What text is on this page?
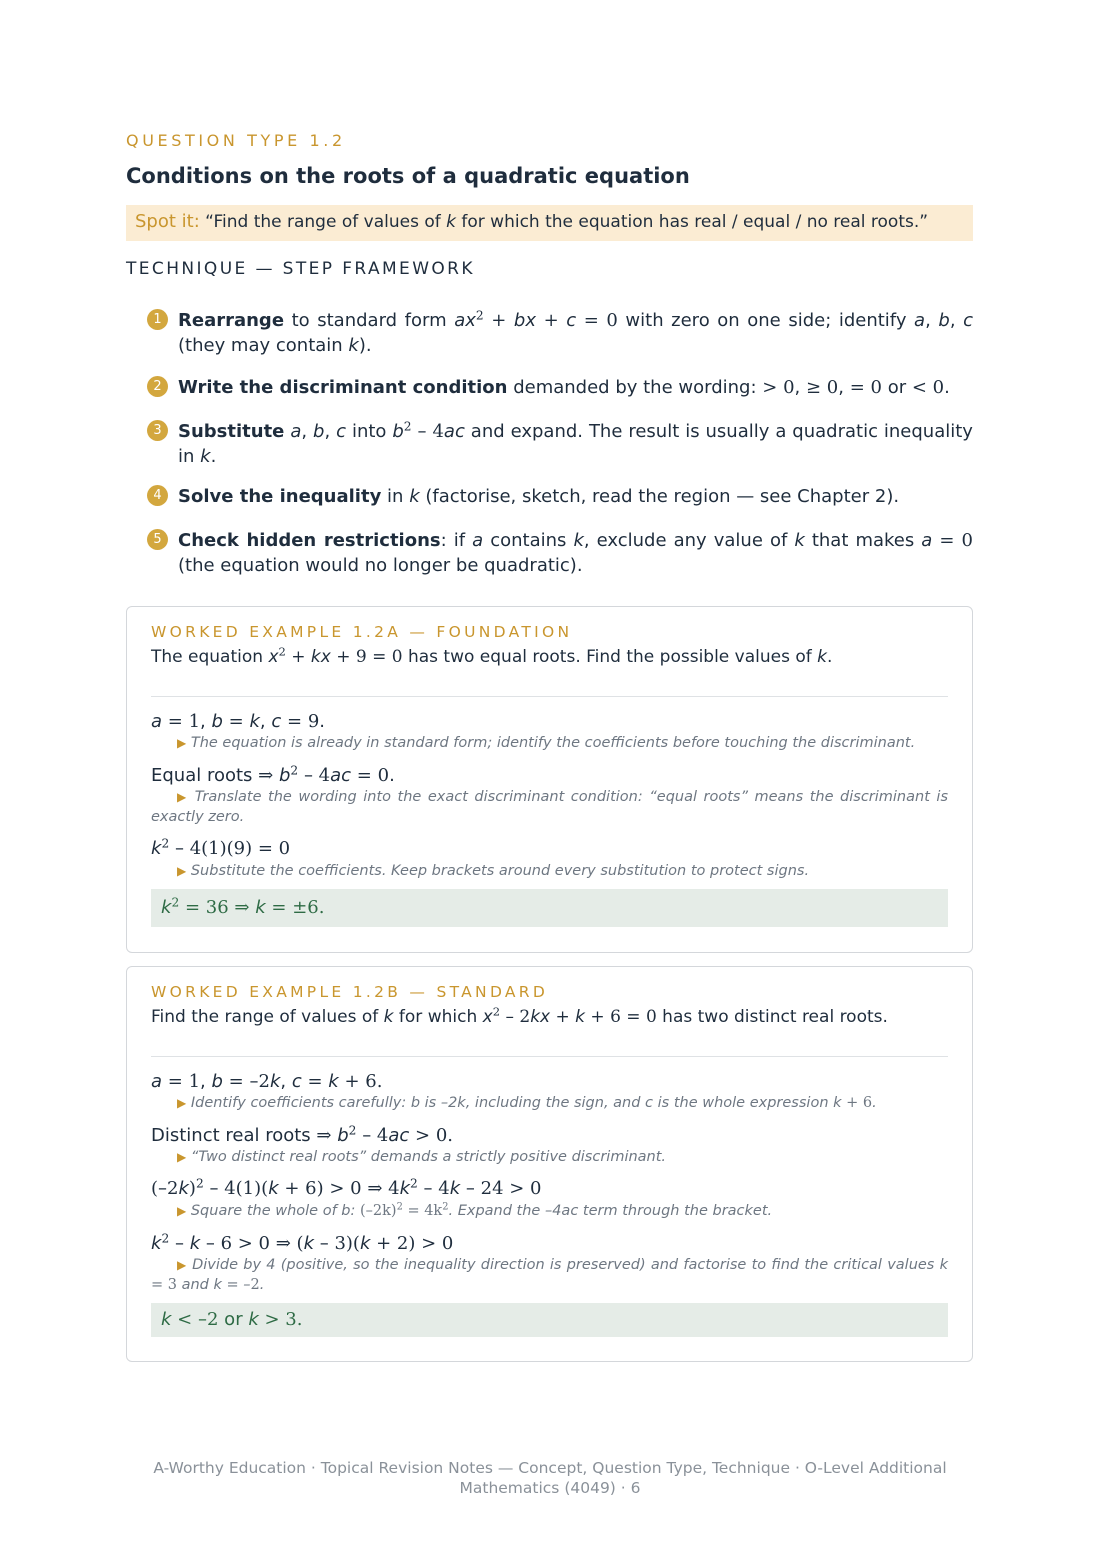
QUESTION TYPE 1.2
Conditions on the roots of a quadratic equation
Spot it: “Find the range of values of k for which the equation has real / equal / no real roots.”
TECHNIQUE — STEP FRAMEWORK
1 Rearrange to standard form $ax^2$ + bx + c = 0 with zero on one side; identify a, b, c (they may contain k).
2 Write the discriminant condition demanded by the wording: > 0, ≥ 0, = 0 or < 0.
3 Substitute a, b, c into $b^2 - 4ac$ and expand. The result is usually a quadratic inequality in k.
4 Solve the inequality in k (factorise, sketch, read the region — see Chapter 2).
5 Check hidden restrictions: if a contains k, exclude any value of k that makes a = 0 (the equation would no longer be quadratic).
WORKED EXAMPLE 1.2A — FOUNDATION
The equation $x^2$ + kx + 9 = 0 has two equal roots. Find the possible values of k.
a = 1, b = k, c = 9.
▶ The equation is already in standard form; identify the coefficients before touching the discriminant.
Equal roots ⇒ $b^2 - 4ac = 0$.
▶ Translate the wording into the exact discriminant condition: “equal roots” means the discriminant is exactly zero.
$k^2 - 4(1)(9) = 0$
▶ Substitute the coefficients. Keep brackets around every substitution to protect signs.
$k^2 = 36$ ⇒ k = ±6.
WORKED EXAMPLE 1.2B — STANDARD
Find the range of values of k for which $x^2 - 2kx + k + 6 = 0$ has two distinct real roots.
a = 1, b = –2k, c = k + 6.
▶ Identify coefficients carefully: b is –2k, including the sign, and c is the whole expression k + 6.
Distinct real roots ⇒ $b^2 - 4ac > 0$.
▶ “Two distinct real roots” demands a strictly positive discriminant.
$(-2k)^2 - 4(1)(k + 6) > 0$ ⇒ $4k^2 - 4k - 24 > 0$
▶ Square the whole of b: $(-2k)^2 = 4k^2$. Expand the –4ac term through the bracket.
$k^2 - k - 6 > 0$ ⇒ (k – 3)(k + 2) > 0
▶ Divide by 4 (positive, so the inequality direction is preserved) and factorise to find the critical values k = 3 and k = –2.
k < –2 or k > 3.
A-Worthy Education · Topical Revision Notes — Concept, Question Type, Technique · O-Level Additional Mathematics (4049) · 6
